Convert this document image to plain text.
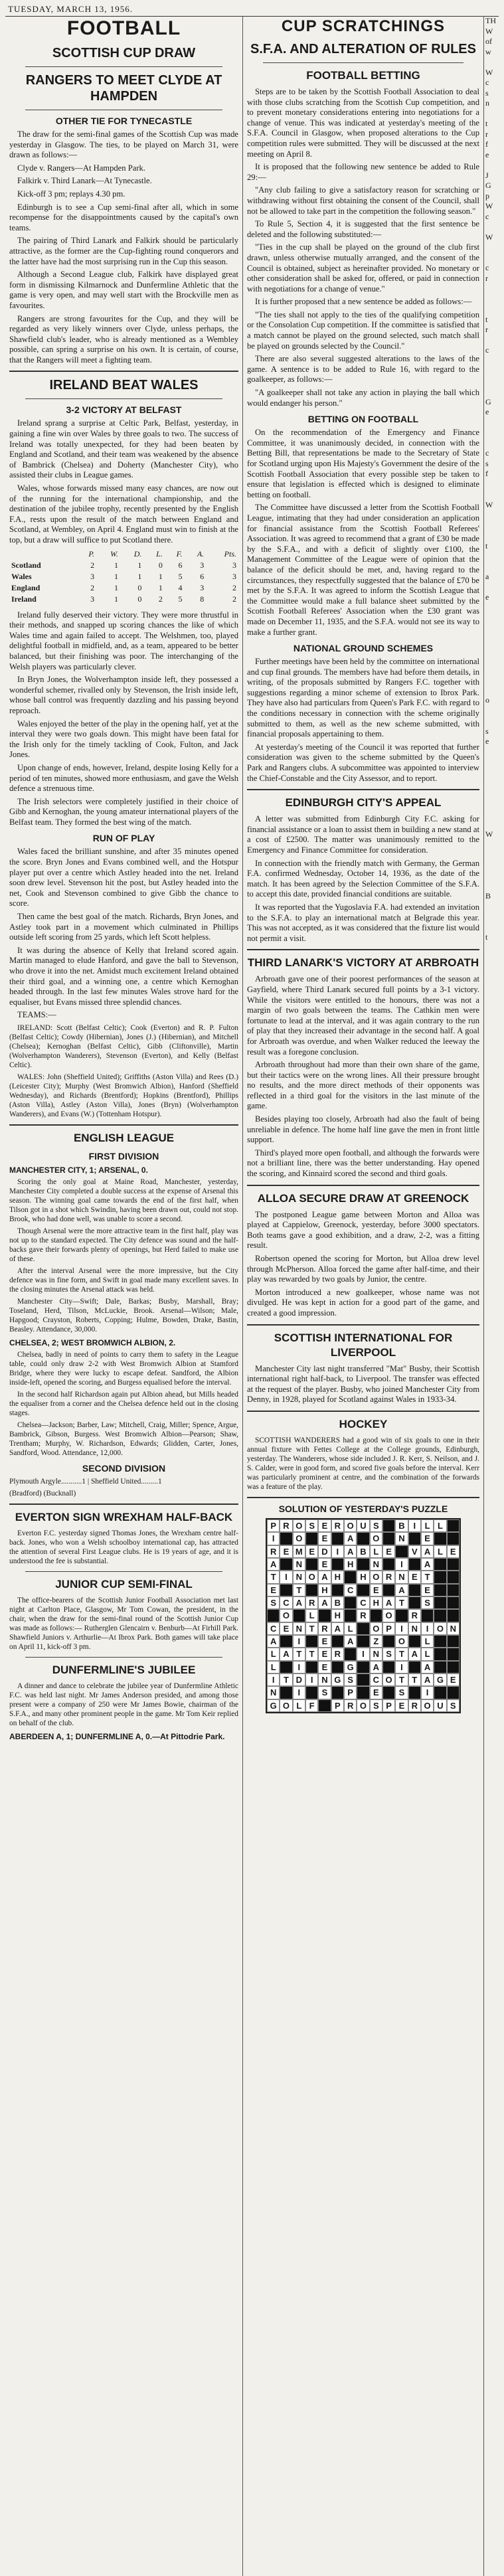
TUESDAY, MARCH 13, 1956.
FOOTBALL
SCOTTISH CUP DRAW
RANGERS TO MEET CLYDE AT HAMPDEN
OTHER TIE FOR TYNECASTLE

The draw for the semi-final games of the Scottish Cup was made yesterday in Glasgow. The ties, to be played on March 31, were drawn as follows:—

Clyde v. Rangers—At Hampden Park.

Falkirk v. Third Lanark—At Tynecastle.

Kick-off 3 pm; replays 4.30 pm.

Edinburgh is to see a Cup semi-final after all, which in some recompense for the disappointments caused by the capital's own teams.

The pairing of Third Lanark and Falkirk should be particularly attractive, as the former are the Cup-fighting round conquerors and the latter have had the most surprising run in the Cup this season.

Although a Second League club, Falkirk have displayed great form in dismissing Kilmarnock and Dunfermline Athletic that the game is very open, and may well start with the Brockville men as favourites.

Rangers are strong favourites for the Cup, and they will be regarded as very likely winners over Clyde, unless perhaps, the Shawfield club's leader, who is already mentioned as a Wembley possible, can spring a surprise on his own. It is certain, of course, that the Rangers will meet a fighting team.

IRELAND BEAT WALES
3-2 VICTORY AT BELFAST

Ireland sprang a surprise at Celtic Park, Belfast, yesterday, in gaining a fine win over Wales by three goals to two. The success of Ireland was totally unexpected, for they had been beaten by England and Scotland, and their team was weakened by the absence of Bambrick (Chelsea) and Doherty (Manchester City), who assisted their clubs in League games.

Wales, whose forwards missed many easy chances, are now out of the running for the international championship, and the destination of the jubilee trophy, recently presented by the English F.A., rests upon the result of the match between England and Scotland, at Wembley, on April 4. England must win to finish at the top, but a draw will suffice to put Scotland there.

	P.	W.	D.	L.	F.	A.	Pts.
Scotland	2	1	1	0	6	3	3
Wales	3	1	1	1	5	6	3
England	2	1	0	1	4	3	2
Ireland	3	1	0	2	5	8	2

Ireland fully deserved their victory. They were more thrustful in their methods, and snapped up scoring chances the like of which Wales time and again failed to accept. The Welshmen, too, played delightful football in midfield, and, as a team, appeared to be better balanced, but their finishing was poor. The interchanging of the Welsh players was particularly clever.

In Bryn Jones, the Wolverhampton inside left, they possessed a wonderful schemer, rivalled only by Stevenson, the Irish inside left, whose ball control was frequently dazzling and his passing beyond reproach.

Wales enjoyed the better of the play in the opening half, yet at the interval they were two goals down. This might have been fatal for the Irish only for the timely tackling of Cook, Fulton, and Jack Jones.

Upon change of ends, however, Ireland, despite losing Kelly for a period of ten minutes, showed more enthusiasm, and gave the Welsh defence a strenuous time.

The Irish selectors were completely justified in their choice of Gibb and Kernoghan, the young amateur international players of the Belfast team. They formed the best wing of the match.

RUN OF PLAY

Wales faced the brilliant sunshine, and after 35 minutes opened the score. Bryn Jones and Evans combined well, and the Hotspur player put over a centre which Astley headed into the net. Ireland soon drew level. Stevenson hit the post, but Astley headed into the net, Cook and Stevenson combined to give Gibb the chance to score.

Then came the best goal of the match. Richards, Bryn Jones, and Astley took part in a movement which culminated in Phillips outside left scoring from 25 yards, which left Scott helpless.

It was during the absence of Kelly that Ireland scored again. Martin managed to elude Hanford, and gave the ball to Stevenson, who drove it into the net. Amidst much excitement Ireland obtained their third goal, and a winning one, a centre which Kernoghan headed through. In the last few minutes Wales strove hard for the equaliser, but Evans missed three splendid chances.

TEAMS:—

IRELAND: Scott (Belfast Celtic); Cook (Everton) and R. P. Fulton (Belfast Celtic); Cowdy (Hibernian), Jones (J.) (Hibernian), and Mitchell (Chelsea); Kernoghan (Belfast Celtic), Gibb (Cliftonville), Martin (Wolverhampton Wanderers), Stevenson (Everton), and Kelly (Belfast Celtic).

WALES: John (Sheffield United); Griffiths (Aston Villa) and Rees (D.) (Leicester City); Murphy (West Bromwich Albion), Hanford (Sheffield Wednesday), and Richards (Brentford); Hopkins (Brentford), Phillips (Aston Villa), Astley (Aston Villa), Jones (Bryn) (Wolverhampton Wanderers), and Evans (W.) (Tottenham Hotspur).

ENGLISH LEAGUE
FIRST DIVISION
MANCHESTER CITY, 1; ARSENAL, 0.

Scoring the only goal at Maine Road, Manchester, yesterday, Manchester City completed a double success at the expense of Arsenal this season. The winning goal came towards the end of the first half, when Tilson got in a shot which Swindin, having been drawn out, could not stop. Brook, who had done well, was unable to score a second.

Though Arsenal were the more attractive team in the first half, play was not up to the standard expected. The City defence was sound and the half-backs gave their forwards plenty of openings, but Herd failed to make use of these.

After the interval Arsenal were the more impressive, but the City defence was in fine form, and Swift in goal made many excellent saves. In the closing minutes the Arsenal attack was held.

Manchester City—Swift; Dale, Barkas; Busby, Marshall, Bray; Toseland, Herd, Tilson, McLuckie, Brook. Arsenal—Wilson; Male, Hapgood; Crayston, Roberts, Copping; Hulme, Bowden, Drake, Bastin, Beasley. Attendance, 30,000.

CHELSEA, 2; WEST BROMWICH ALBION, 2.

Chelsea, badly in need of points to carry them to safety in the League table, could only draw 2-2 with West Bromwich Albion at Stamford Bridge, where they were lucky to escape defeat. Sandford, the Albion inside-left, opened the scoring, and Burgess equalised before the interval.

In the second half Richardson again put Albion ahead, but Mills headed the equaliser from a corner and the Chelsea defence held out in the closing stages.

Chelsea—Jackson; Barber, Law; Mitchell, Craig, Miller; Spence, Argue, Bambrick, Gibson, Burgess. West Bromwich Albion—Pearson; Shaw, Trentham; Murphy, W. Richardson, Edwards; Glidden, Carter, Jones, Sandford, Wood. Attendance, 12,000.

SECOND DIVISION

Plymouth Argyle...........1 | Sheffield United.........1

(Bradford) (Bucknall)

EVERTON SIGN WREXHAM HALF-BACK

Everton F.C. yesterday signed Thomas Jones, the Wrexham centre half-back. Jones, who won a Welsh schoolboy international cap, has attracted the attention of several First League clubs. He is 19 years of age, and it is understood the fee is substantial.

JUNIOR CUP SEMI-FINAL

The office-bearers of the Scottish Junior Football Association met last night at Carlton Place, Glasgow, Mr Tom Cowan, the president, in the chair, when the draw for the semi-final round of the Scottish Junior Cup was made as follows:— Rutherglen Glencairn v. Benburb—At Firhill Park. Shawfield Juniors v. Arthurlie—At Ibrox Park. Both games will take place on April 11, kick-off 3 pm.

DUNFERMLINE'S JUBILEE

A dinner and dance to celebrate the jubilee year of Dunfermline Athletic F.C. was held last night. Mr James Anderson presided, and among those present were a company of 250 were Mr James Bowie, chairman of the S.F.A., and many other prominent people in the game. Mr Tom Keir replied on behalf of the club.

ABERDEEN A, 1; DUNFERMLINE A, 0.—At Pittodrie Park.
CUP SCRATCHINGS
S.F.A. AND ALTERATION OF RULES
FOOTBALL BETTING

Steps are to be taken by the Scottish Football Association to deal with those clubs scratching from the Scottish Cup competition, and to prevent monetary considerations entering into negotiations for a change of venue. This was indicated at yesterday's meeting of the S.F.A. Council in Glasgow, when proposed alterations to the Cup competition rules were submitted. They will be discussed at the next meeting on April 8.

It is proposed that the following new sentence be added to Rule 29:—

"Any club failing to give a satisfactory reason for scratching or withdrawing without first obtaining the consent of the Council, shall not be allowed to take part in the competition the following season."

To Rule 5, Section 4, it is suggested that the first sentence be deleted and the following substituted:—

"Ties in the cup shall be played on the ground of the club first drawn, unless otherwise mutually arranged, and the consent of the Council is obtained, subject as hereinafter provided. No monetary or other consideration shall be asked for, offered, or paid in connection with negotiations for a change of venue."

It is further proposed that a new sentence be added as follows:—

"The ties shall not apply to the ties of the qualifying competition or the Consolation Cup competition. If the committee is satisfied that a match cannot be played on the ground selected, such match shall be played on grounds selected by the Council."

There are also several suggested alterations to the laws of the game. A sentence is to be added to Rule 16, with regard to the goalkeeper, as follows:—

"A goalkeeper shall not take any action in playing the ball which would endanger his person."

BETTING ON FOOTBALL

On the recommendation of the Emergency and Finance Committee, it was unanimously decided, in connection with the Betting Bill, that representations be made to the Secretary of State for Scotland urging upon His Majesty's Government the desire of the Scottish Football Association that every possible step be taken to ensure that legislation is effected which is designed to eliminate betting on football.

The Committee have discussed a letter from the Scottish Football League, intimating that they had under consideration an application for financial assistance from the Scottish Football Referees' Association. It was agreed to recommend that a grant of £30 be made by the S.F.A., and with a deficit of slightly over £100, the Management Committee of the League were of opinion that the balance of the deficit should be met, and, having regard to the circumstances, they respectfully suggested that the balance of £70 be met by the S.F.A. It was agreed to inform the Scottish League that the Committee would make a full balance sheet submitted by the Scottish Football Referees' Association when the £30 grant was made on December 11, 1935, and the S.F.A. would not see its way to make a further grant.

NATIONAL GROUND SCHEMES

Further meetings have been held by the committee on international and cup final grounds. The members have had before them details, in writing, of the proposals submitted by Rangers F.C. together with suggestions regarding a minor scheme of extension to Ibrox Park. They have also had particulars from Queen's Park F.C. with regard to the conditions necessary in connection with the scheme originally submitted to them, as well as the new scheme submitted, with financial proposals appertaining to them.

At yesterday's meeting of the Council it was reported that further consideration was given to the scheme submitted by the Queen's Park and Rangers clubs. A subcommittee was appointed to interview the Chief-Constable and the City Assessor, and to report.

EDINBURGH CITY'S APPEAL

A letter was submitted from Edinburgh City F.C. asking for financial assistance or a loan to assist them in building a new stand at a cost of £2500. The matter was unanimously remitted to the Emergency and Finance Committee for consideration.

In connection with the friendly match with Germany, the German F.A. confirmed Wednesday, October 14, 1936, as the date of the match. It has been agreed by the Selection Committee of the S.F.A. to accept this date, provided financial conditions are suitable.

It was reported that the Yugoslavia F.A. had extended an invitation to the S.F.A. to play an international match at Belgrade this year. This was not accepted, as it was considered that the fixture list would not permit a visit.

THIRD LANARK'S VICTORY AT ARBROATH

Arbroath gave one of their poorest performances of the season at Gayfield, where Third Lanark secured full points by a 3-1 victory. While the visitors were entitled to the honours, there was not a margin of two goals between the teams. The Cathkin men were fortunate to lead at the interval, and it was again contrary to the run of play that they increased their advantage in the second half. A goal for Arbroath was overdue, and when Walker reduced the leeway the result was a foregone conclusion.

Arbroath throughout had more than their own share of the game, but their tactics were on the wrong lines. All their pressure brought no results, and the more direct methods of their opponents was reflected in a third goal for the visitors in the last minute of the game.

Besides playing too closely, Arbroath had also the fault of being unreliable in defence. The home half line gave the men in front little support.

Third's played more open football, and although the forwards were not a brilliant line, there was the better understanding. Hay opened the scoring, and Kinnaird scored the second and third goals.

ALLOA SECURE DRAW AT GREENOCK

The postponed League game between Morton and Alloa was played at Cappielow, Greenock, yesterday, before 3000 spectators. Both teams gave a good exhibition, and a draw, 2-2, was a fitting result.

Robertson opened the scoring for Morton, but Alloa drew level through McPherson. Alloa forced the game after half-time, and their play was rewarded by two goals by Junior, the centre.

Morton introduced a new goalkeeper, whose name was not divulged. He was kept in action for a good part of the game, and created a good impression.

SCOTTISH INTERNATIONAL FOR LIVERPOOL

Manchester City last night transferred "Mat" Busby, their Scottish international right half-back, to Liverpool. The transfer was effected at the request of the player. Busby, who joined Manchester City from Denny, in 1928, played for Scotland against Wales in 1933-34.

HOCKEY

SCOTTISH WANDERERS had a good win of six goals to one in their annual fixture with Fettes College at the College grounds, Edinburgh, yesterday. The Wanderers, whose side included J. R. Kerr, S. Neilson, and J. S. Calder, were in good form, and scored five goals before the interval. Kerr was particularly prominent at centre, and the combination of the forwards was a feature of the play.

SOLUTION OF YESTERDAY'S PUZZLE
P R O S E R O U S	B I	L L
I	O	E	A	O	N	E
R E M E D I A B L E	V A L E
A	N	E	H	N	I	A
T	I N O A H	H O R N E T
E	T	H	C	E	A	E
S C A R A B	C H A T	S
O	L	H	R	O	R
C E N T R A L	O P	I N I O N
A	I	E	A	Z	O	L
L A T T E R	I N S T A L
L	I	E	G	A	I	A
I	T D I N G S	C O T T A G E
N	I	S	P	E	S	I
G O L F	P R O S P E R O U S
TH
W
of
w

W
c
s
n

t
r
f
e

J
G
p
W
c

W

c
r

t
r

c

G
e

c
s
f

W

t

a

e

o

s
e

W

B

t
